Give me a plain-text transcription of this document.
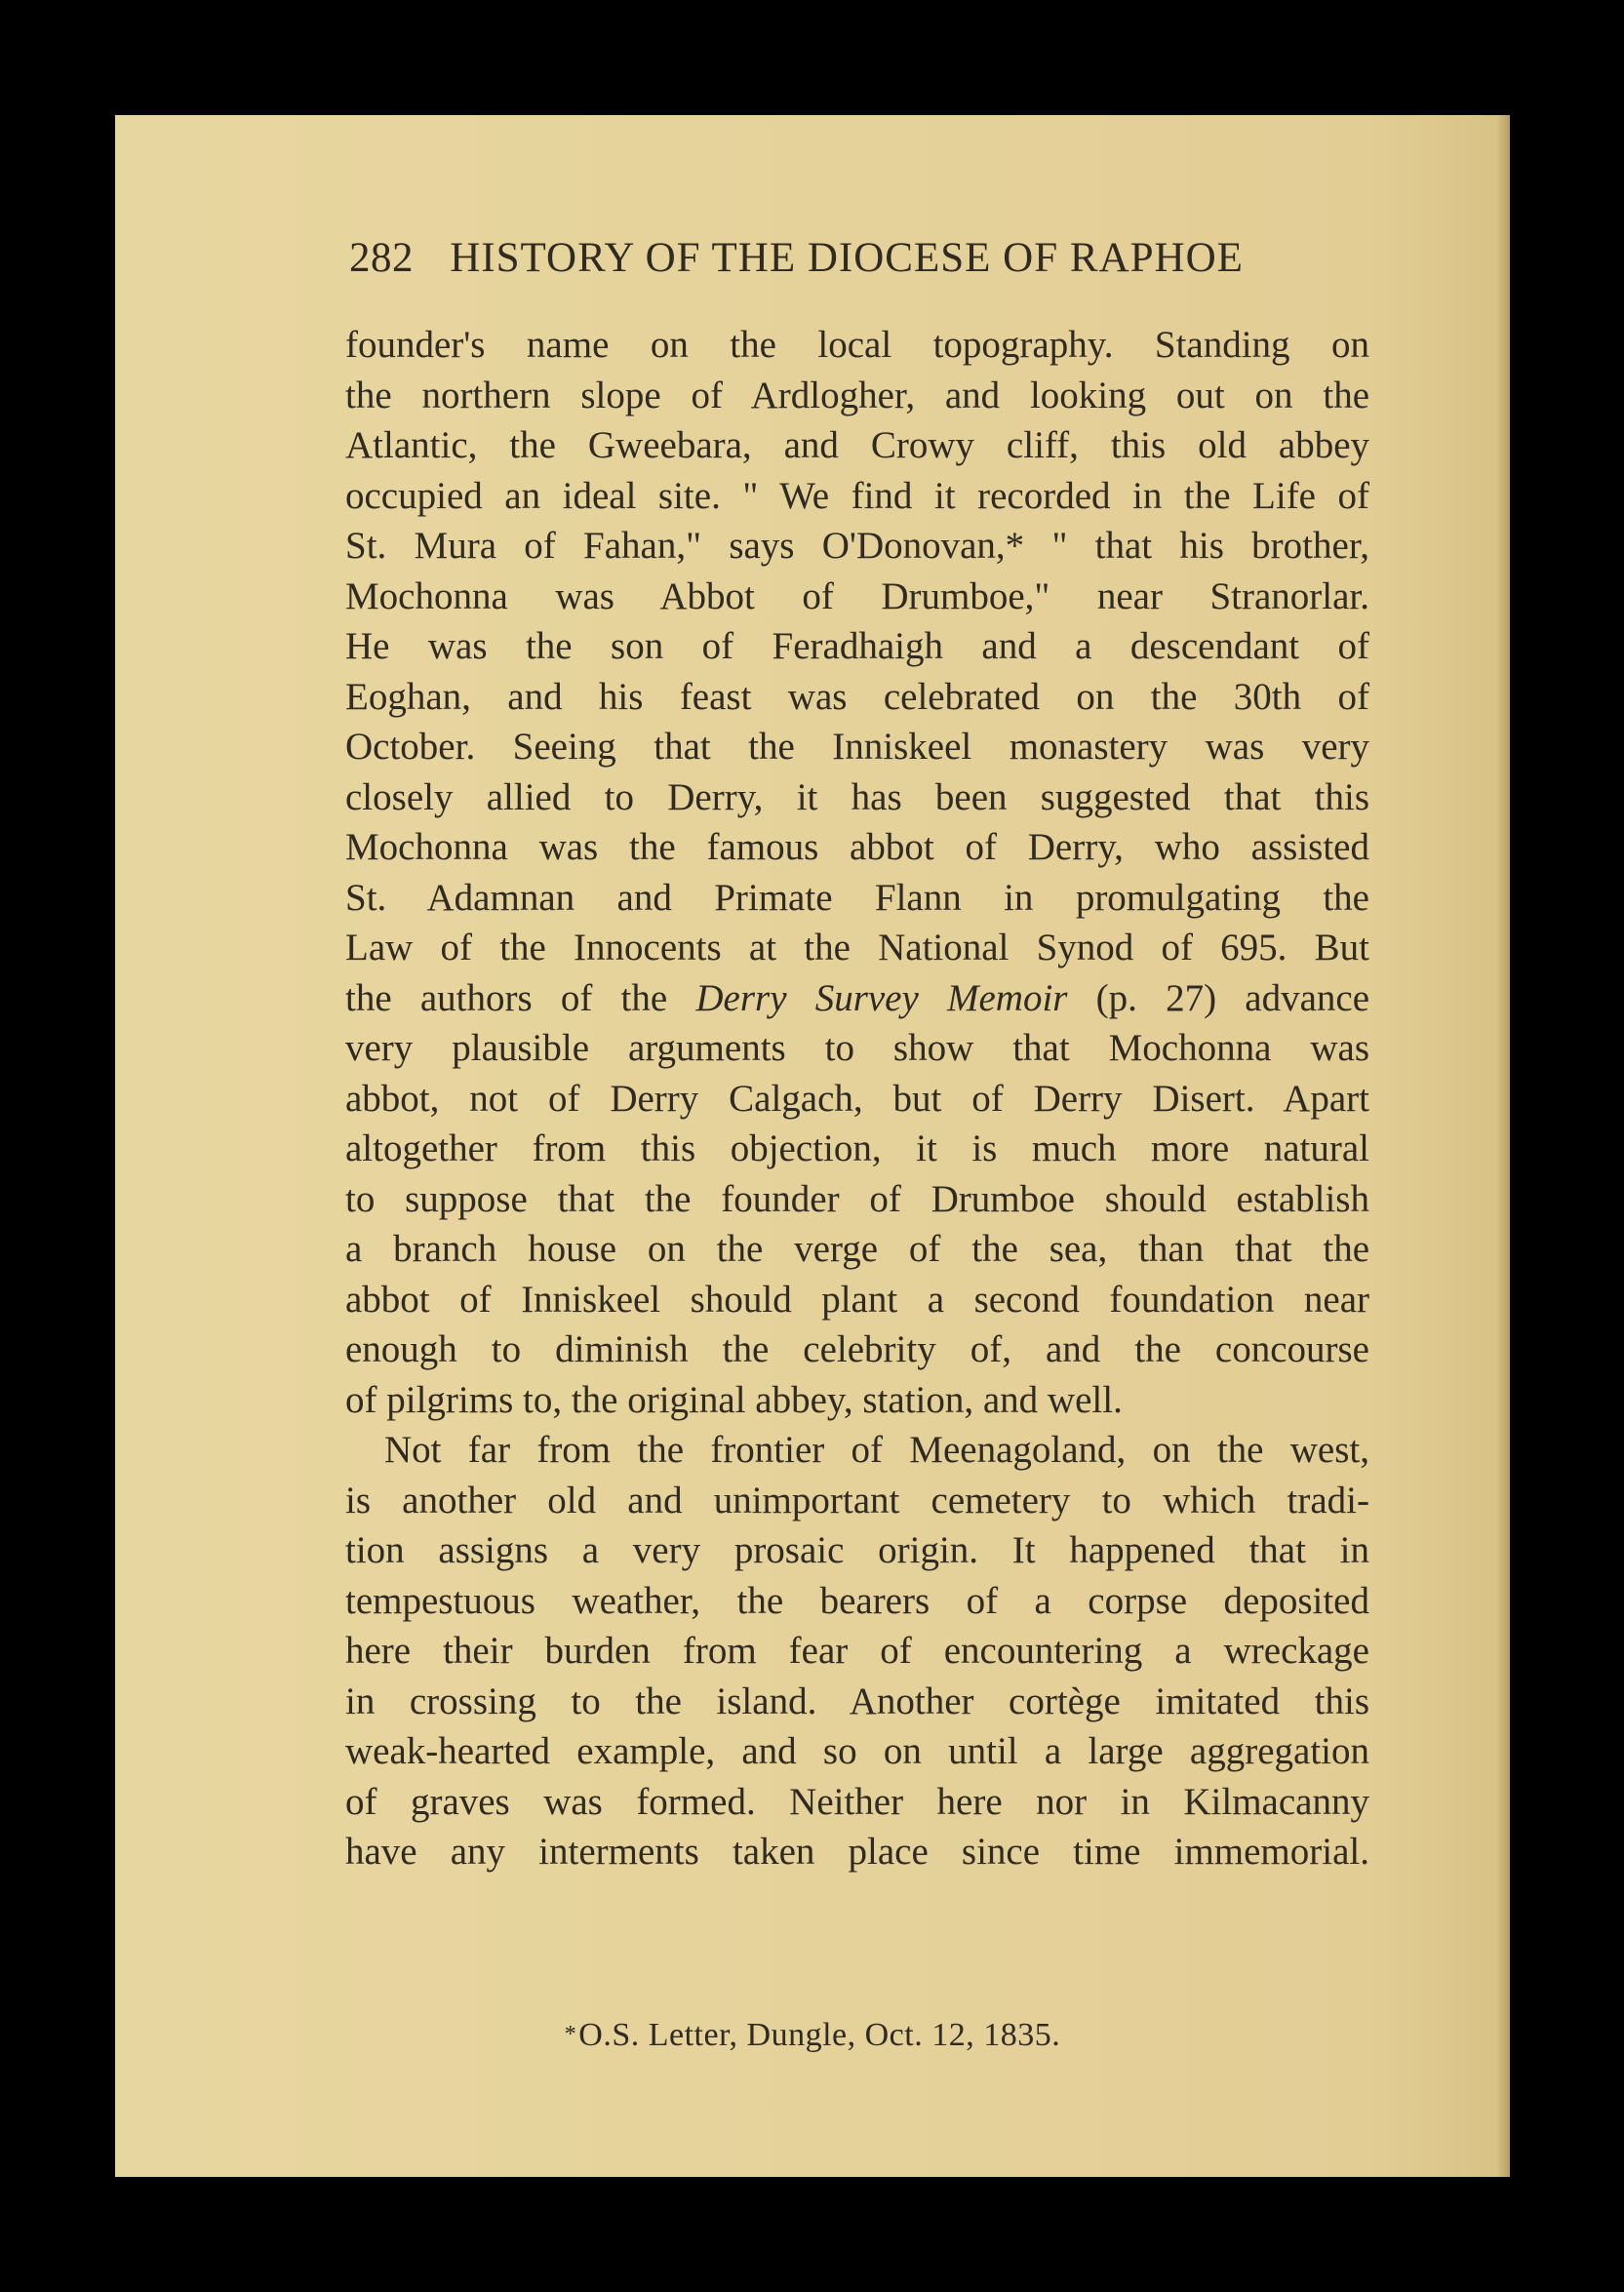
282 HISTORY OF THE DIOCESE OF RAPHOE
founder's name on the local topography. Standing on
the northern slope of Ardlogher, and looking out on the
Atlantic, the Gweebara, and Crowy cliff, this old abbey
occupied an ideal site. " We find it recorded in the Life of
St. Mura of Fahan," says O'Donovan,* " that his brother,
Mochonna was Abbot of Drumboe," near Stranorlar.
He was the son of Feradhaigh and a descendant of
Eoghan, and his feast was celebrated on the 30th of
October. Seeing that the Inniskeel monastery was very
closely allied to Derry, it has been suggested that this
Mochonna was the famous abbot of Derry, who assisted
St. Adamnan and Primate Flann in promulgating the
Law of the Innocents at the National Synod of 695. But
the authors of the Derry Survey Memoir (p. 27) advance
very plausible arguments to show that Mochonna was
abbot, not of Derry Calgach, but of Derry Disert. Apart
altogether from this objection, it is much more natural
to suppose that the founder of Drumboe should establish
a branch house on the verge of the sea, than that the
abbot of Inniskeel should plant a second foundation near
enough to diminish the celebrity of, and the concourse
of pilgrims to, the original abbey, station, and well.
Not far from the frontier of Meenagoland, on the west,
is another old and unimportant cemetery to which tradi-
tion assigns a very prosaic origin. It happened that in
tempestuous weather, the bearers of a corpse deposited
here their burden from fear of encountering a wreckage
in crossing to the island. Another cortège imitated this
weak-hearted example, and so on until a large aggregation
of graves was formed. Neither here nor in Kilmacanny
have any interments taken place since time immemorial.
*O.S. Letter, Dungle, Oct. 12, 1835.
